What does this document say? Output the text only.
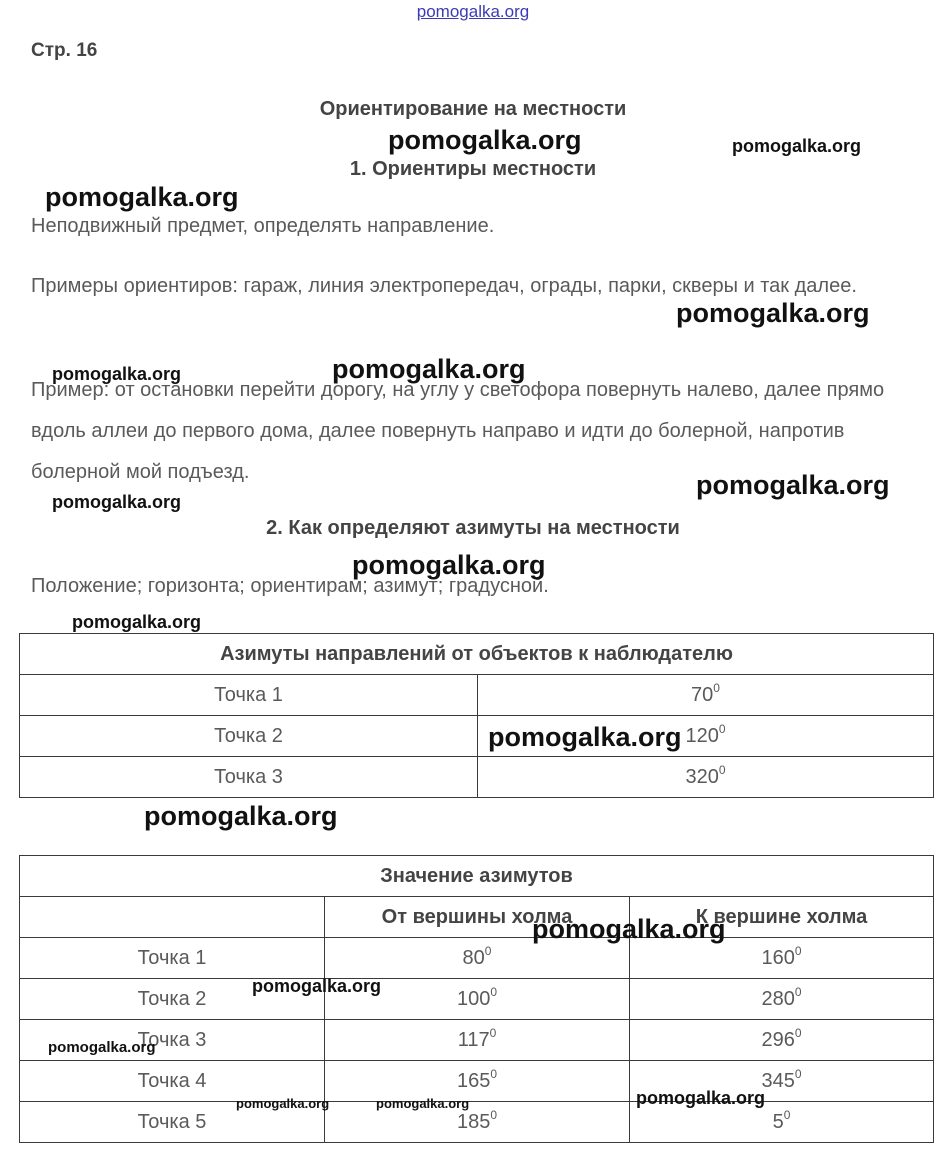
pomogalka.org
Стр. 16
Ориентирование на местности
1. Ориентиры местности
Неподвижный предмет, определять направление.
Примеры ориентиров: гараж, линия электропередач, ограды, парки, скверы и так далее.
Пример: от остановки перейти дорогу, на углу у светофора повернуть налево, далее прямо вдоль аллеи до первого дома, далее повернуть направо и идти до болерной, напротив болерной мой подъезд.
2. Как определяют азимуты на местности
Положение; горизонта; ориентирам; азимут; градусной.
Азимуты направлений от объектов к наблюдателю	
Точка 1	$70^0$
Точка 2	$120^0$
Точка 3	$320^0$
Значение азимутов		
	От вершины холма	К вершине холма
Точка 1	$80^0$	$160^0$
Точка 2	$100^0$	$280^0$
Точка 3	$117^0$	$296^0$
Точка 4	$165^0$	$345^0$
Точка 5	$185^0$	$5^0$
pomogalka.org	pomogalka.org
pomogalka.org
pomogalka.org
pomogalka.org	pomogalka.org
pomogalka.org
pomogalka.org
pomogalka.org
pomogalka.org
pomogalka.org
pomogalka.org
pomogalka.org
pomogalka.org
pomogalka.org
pomogalka.org
pomogalka.org	pomogalka.org
